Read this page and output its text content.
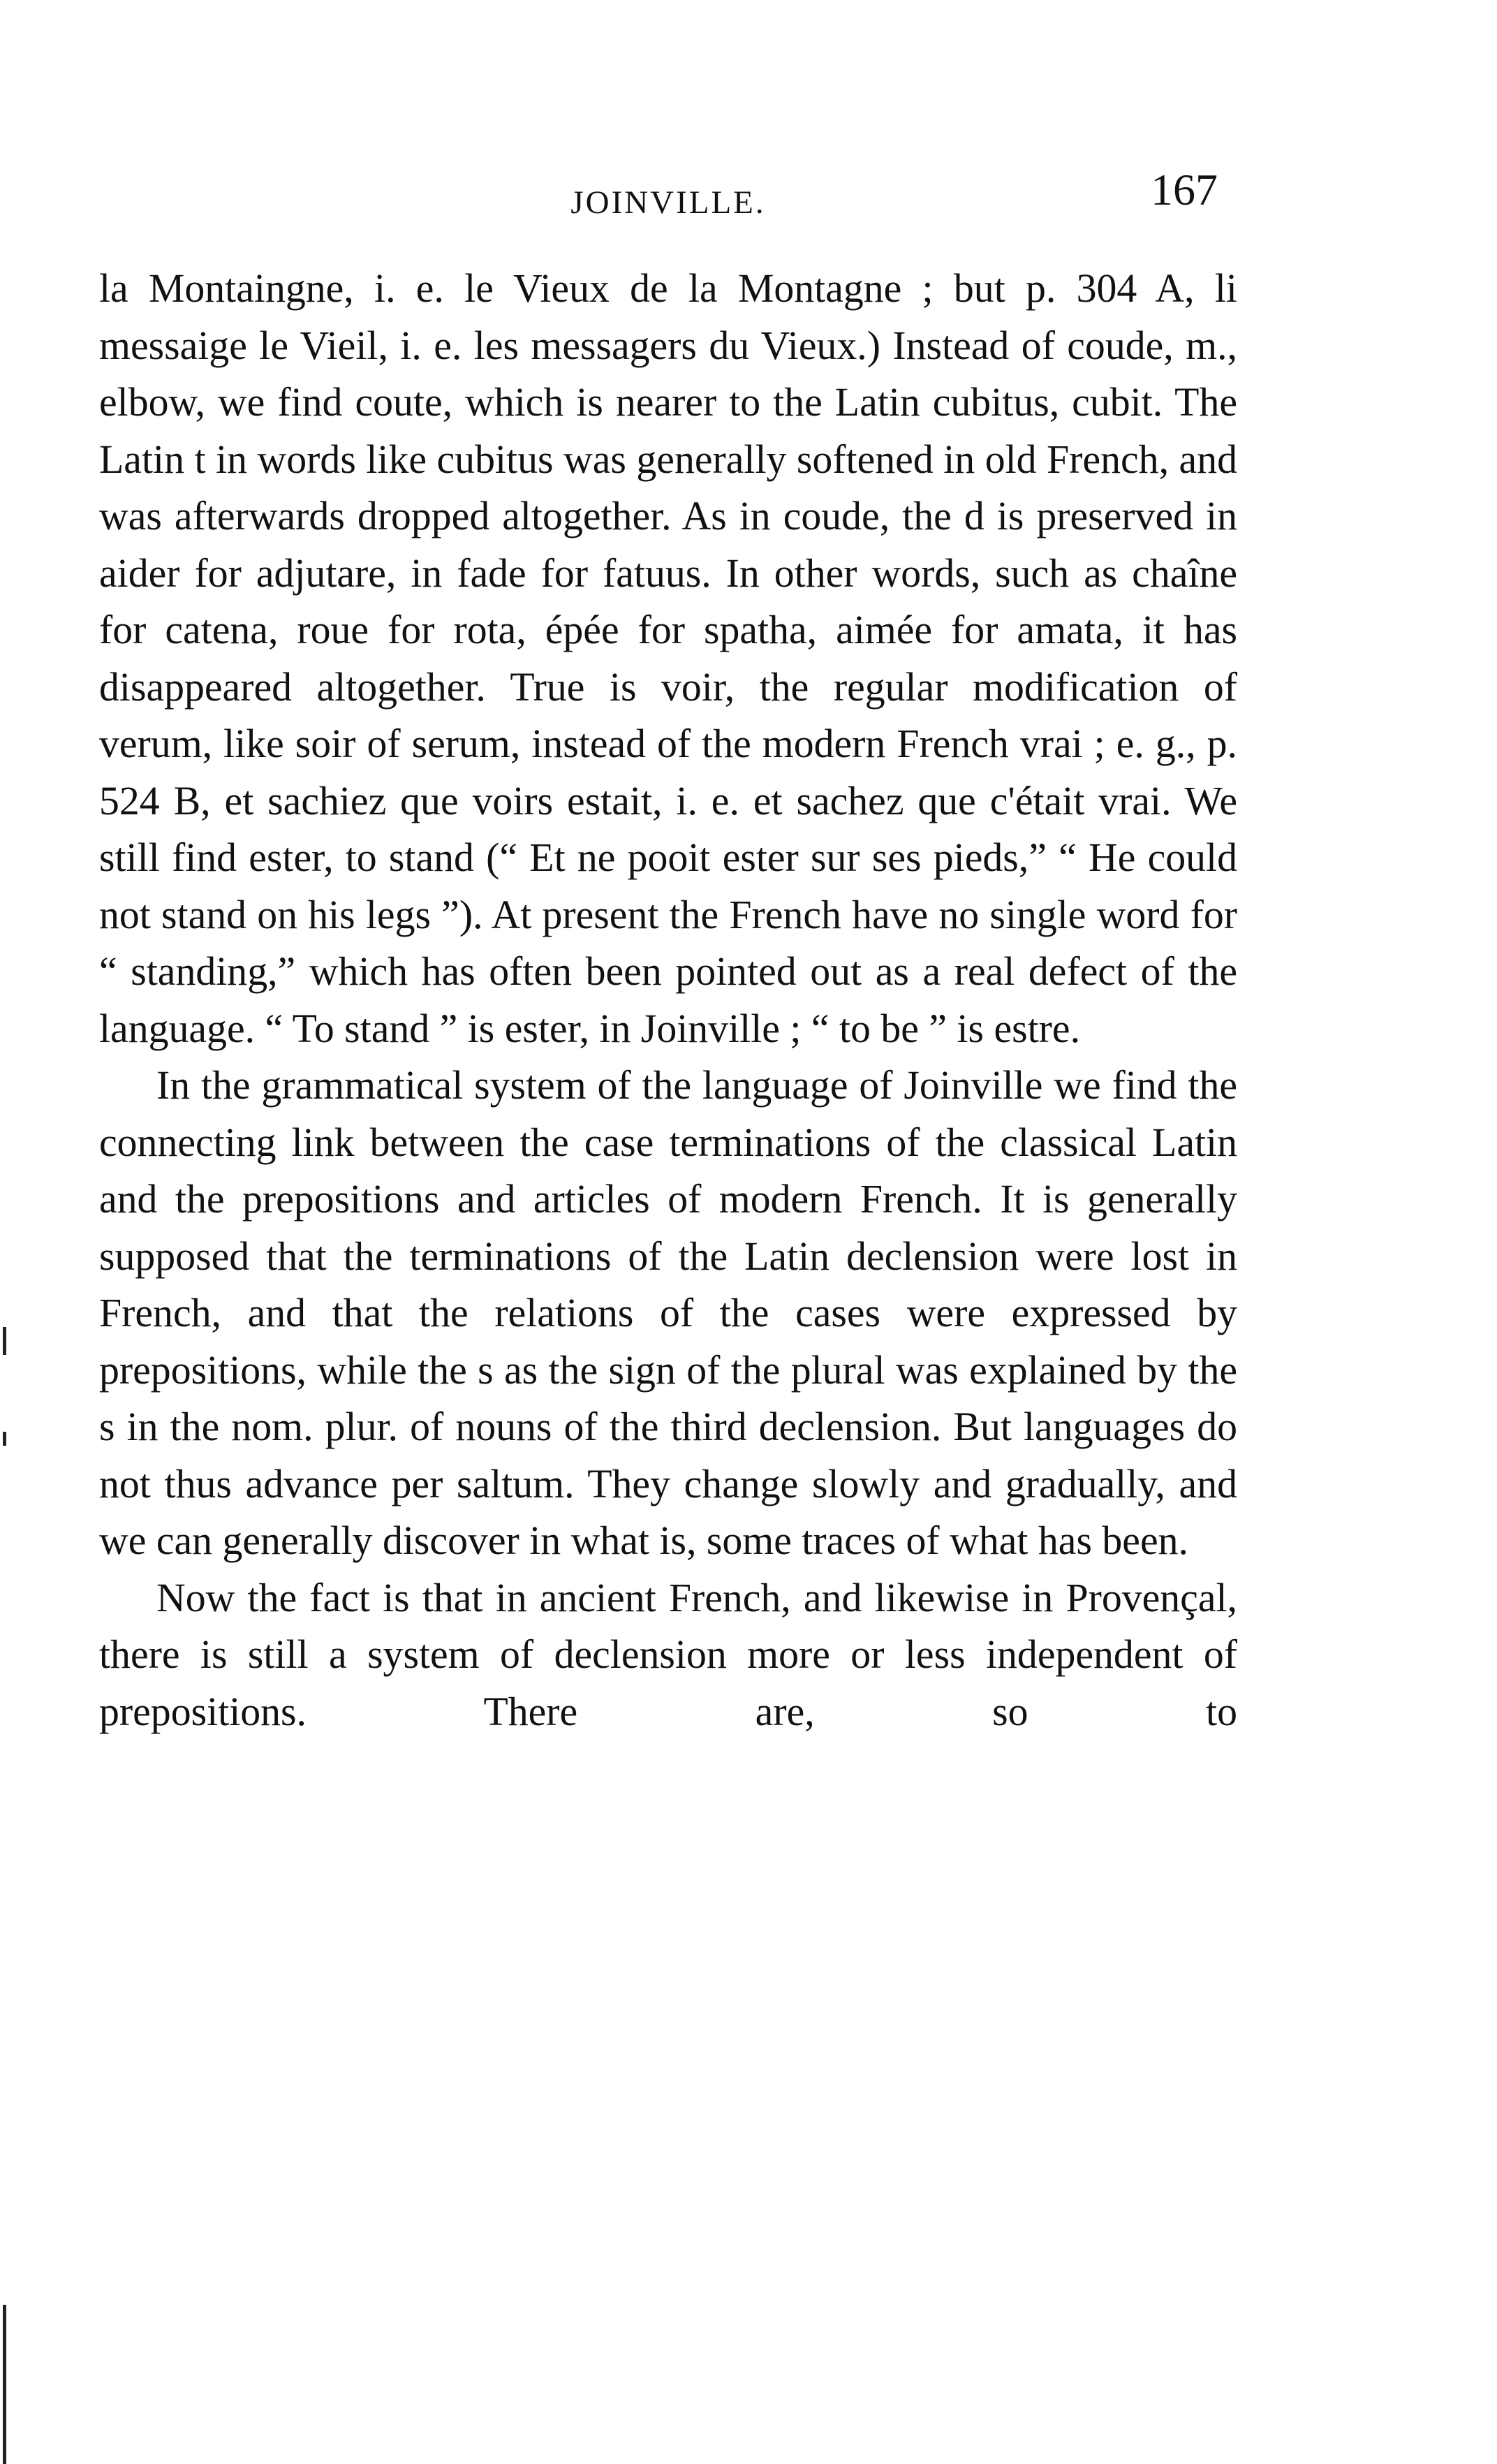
JOINVILLE.	167

la Montaingne, i. e. le Vieux de la Montagne ; but p. 304 A, li messaige le Vieil, i. e. les messagers du Vieux.) Instead of coude, m., elbow, we find coute, which is nearer to the Latin cubitus, cubit. The Latin t in words like cubitus was generally softened in old French, and was afterwards dropped altogether. As in coude, the d is preserved in aider for adjutare, in fade for fatuus. In other words, such as chaîne for catena, roue for rota, épée for spatha, aimée for amata, it has disappeared altogether. True is voir, the regular modification of verum, like soir of serum, instead of the modern French vrai ; e. g., p. 524 B, et sachiez que voirs estait, i. e. et sachez que c'était vrai. We still find ester, to stand (“ Et ne pooit ester sur ses pieds,” “ He could not stand on his legs ”). At present the French have no single word for “ standing,” which has often been pointed out as a real defect of the language. “ To stand ” is ester, in Joinville ; “ to be ” is estre.

In the grammatical system of the language of Joinville we find the connecting link between the case terminations of the classical Latin and the prepositions and articles of modern French. It is generally supposed that the terminations of the Latin declension were lost in French, and that the relations of the cases were expressed by prepositions, while the s as the sign of the plural was explained by the s in the nom. plur. of nouns of the third declension. But languages do not thus advance per saltum. They change slowly and gradually, and we can generally discover in what is, some traces of what has been.

Now the fact is that in ancient French, and likewise in Provençal, there is still a system of declension more or less independent of prepositions. There are, so to
